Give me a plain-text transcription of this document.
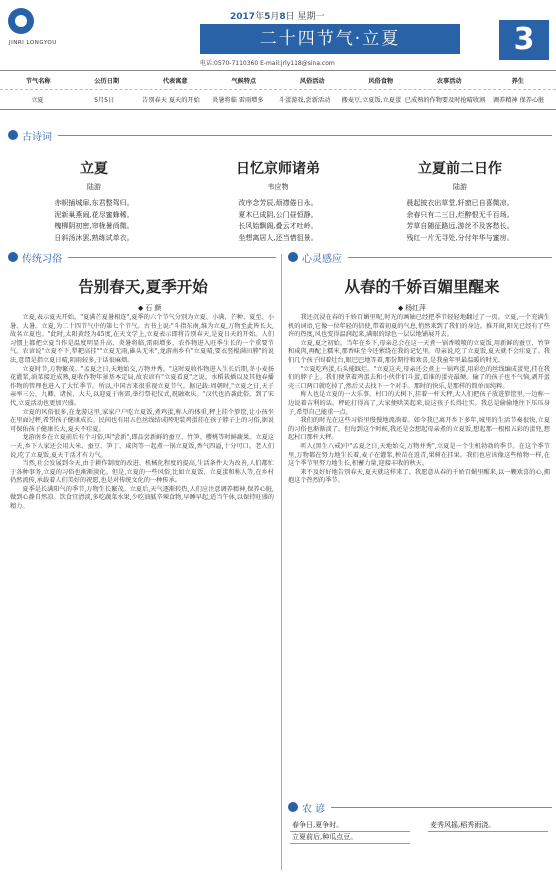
JINRI LONGYOU
2017年5月8日 星期一
二十四节气·立夏	3
电话:0570-7110360 E-mail:jrly118@sina.com
节气名称	公历日期	代表寓意	气候特点	风俗活动	风俗食物	农事活动	养生
立夏	5月5日	告别春天 夏天的开始	炎暑将临 雷雨增多	斗蛋游戏,尝新活动	搬麦豆,立夏饭,立夏蛋 已成熟的作物要及时抢晴收割	调养精神 保养心脏
古诗词
立夏
陆游
赤帜插城扉,东君整驾归。
泥新巢燕闹,花尽蜜蜂稀。
槐柳阴初密,帘栊暑尚微。
日斜汤沐罢,熟练试单衣。
日忆京师诸弟
韦应物
改序念芳辰,烦襟倦日永。
夏木已成阴,公门昼恒静。
长风始飘阁,叠云才吐岭。
坐想离居人,还当惜徂景。
立夏前二日作
陆游
晨起披衣出草堂,轩窗已自喜微凉。
余春只有二三日,烂醉恨无千百场。
芳草自随征路远,游丝不及客愁长。
残红一片无寻处,分付年华与蜜房。
传统习俗
告别春天,夏季开始
◆ 石 颜

立夏,表示夏天开始。"夏满芒夏暑相连",夏季的六个节气分别为立夏、小满、芒种、夏至、小暑、大暑。立夏,为二十四节气中的第七个节气。古书上说:"斗指东南,维为立夏,万物至此皆长大,故名立夏也。"此时,太阳黄经为45度,在天文学上,立夏表示即将告别春天,是夏日天的开始。人们习惯上都把立夏当作是温度明显升高、炎暑将临,雷雨增多、农作物进入旺季生长的一个重要节气。农谚说"立夏不下,犁耙高挂""立夏无雨,碓头无米",龙游南乡有"立夏晴,要衣竖棍满田塍"的说法,意谓是指立夏日晴,阴雨较多,于话很麻烦。

立夏时节,万物繁茂。"孟夏之日,天地始交,万物并秀。"这时夏收作物进入生长后期,冬小麦扬花灌浆,油菜接近成熟,夏收作物年景基本定局,故农谚有"立夏看夏"之说。水稻栽插以及其他春播作物的管理也进入了大忙季节。所以,中国古来很重视立夏节气。据记载:周朝时,"立夏之日,天子亲率三公、九卿、诸侯、大夫,以迎夏于南郊,举行祭祀仪式,祝融欢庆。"汉代也沿袭此俗。到了宋代,立夏活动也更加兴盛。

立夏的风俗很多,在龙游这里,家家户户吃立夏饭,煮鸡蛋,称人的体重,秤上挂个箩筐,让小孩坐在里面过秤,希望孩子健康成长。民间也有用五色丝线结成网兜装鸡蛋挂在孩子脖子上的习俗,据说可保佑孩子健康长大,夏天不疰夏。

龙游南乡在立夏前后有个习俗,叫"尝新",即品尝新鲜的蚕豆、竹笋、樱桃等时鲜蔬果。立夏这一天,乡下人家还会用大米、蚕豆、笋丁、咸肉等一起煮一锅立夏饭,香气四溢,十分可口。老人们说,吃了立夏饭,夏天干活才有力气。

当然,社会发展到今天,由于耕作制度的改进、机械化程度的提高,生活条件大为改善,人们都忙于各种事务,立夏的习俗也渐渐淡化。但是,立夏的一些风俗,比如立夏饭、立夏蛋和称人等,在乡村仍然流传,承载着人们美好的祝愿,也是对传统文化的一种传承。

夏季是长满阳气的季节,万物生长繁茂。立夏后,天气逐渐转热,人们应注意调养精神,保养心脏,做到心静自然凉。饮食宜清淡,多吃蔬菜水果,少吃油腻辛辣食物,早睡早起,适当午休,以保持旺盛的精力。

心灵感应
从春的千娇百媚里醒来
◆ 杨红萍

我还沉浸在春的千娇百媚里呢,时光的画轴已经把季节轻轻地翻过了一页。立夏,一个充满生机的词语,它像一位年轻的信使,带着初夏的气息,悄然来到了我们的身边。推开窗,阳光已经有了些许的热度,风也变得温润起来,满眼的绿色一层层地铺展开去。

立夏,夏之初始。当年在乡下,母亲总会在这一天煮一锅香喷喷的立夏饭,用新鲜的蚕豆、竹笋和咸肉,再配上糯米,那香味至今还萦绕在我的记忆里。母亲说,吃了立夏饭,夏天就不会疰夏了。我们几个孩子围着灶台,眼巴巴地等着,那份期待和欢喜,是我童年里最温暖的时光。

"立夏吃鸡蛋,石头能踩烂。"立夏这天,母亲还会煮上一锅鸡蛋,用彩色的丝线编成蛋兜,挂在我们的脖子上。我们便拿着鸡蛋去和小伙伴们斗蛋,看谁的蛋壳最硬。输了的孩子也不气恼,剥开蛋壳三口两口就吃掉了,然后又去找下一个对手。那时的快乐,是那样的简单而纯粹。

称人也是立夏的一大乐事。村口的大树下,挂着一杆大秤,大人们把孩子放进箩筐里,一边称一边说着吉利的话。秤砣打得高了,大家便哄笑起来,说这孩子长得壮实。我总是偷偷地往下压压身子,希望自己能重一点。

我们的时光在这些习俗里慢慢地流淌着。如今我已离开乡下多年,城里的生活节奏很快,立夏的习俗也渐渐淡了。但每到这个时候,我还是会想起母亲煮的立夏饭,想起那一根根五彩的蛋兜,想起村口那杆大秤。

听人(黑生八戒)中"孟夏之日,天地始交,万物并秀",立夏是一个生机勃勃的季节。在这个季节里,万物都在努力地生长着,麦子在灌浆,秧苗在返青,果树在挂果。我们也应该像这些植物一样,在这个季节里努力地生长,积蓄力量,迎接丰收的秋天。

来不及好好地告别春天,夏天就这样来了。我愿意从春的千娇百媚里醒来,以一颗欢喜的心,拥抱这个热烈的季节。

农 谚
春争日,夏争时。
立夏前后,种瓜点豆。
麦秀风摇,稻秀雨浇。
